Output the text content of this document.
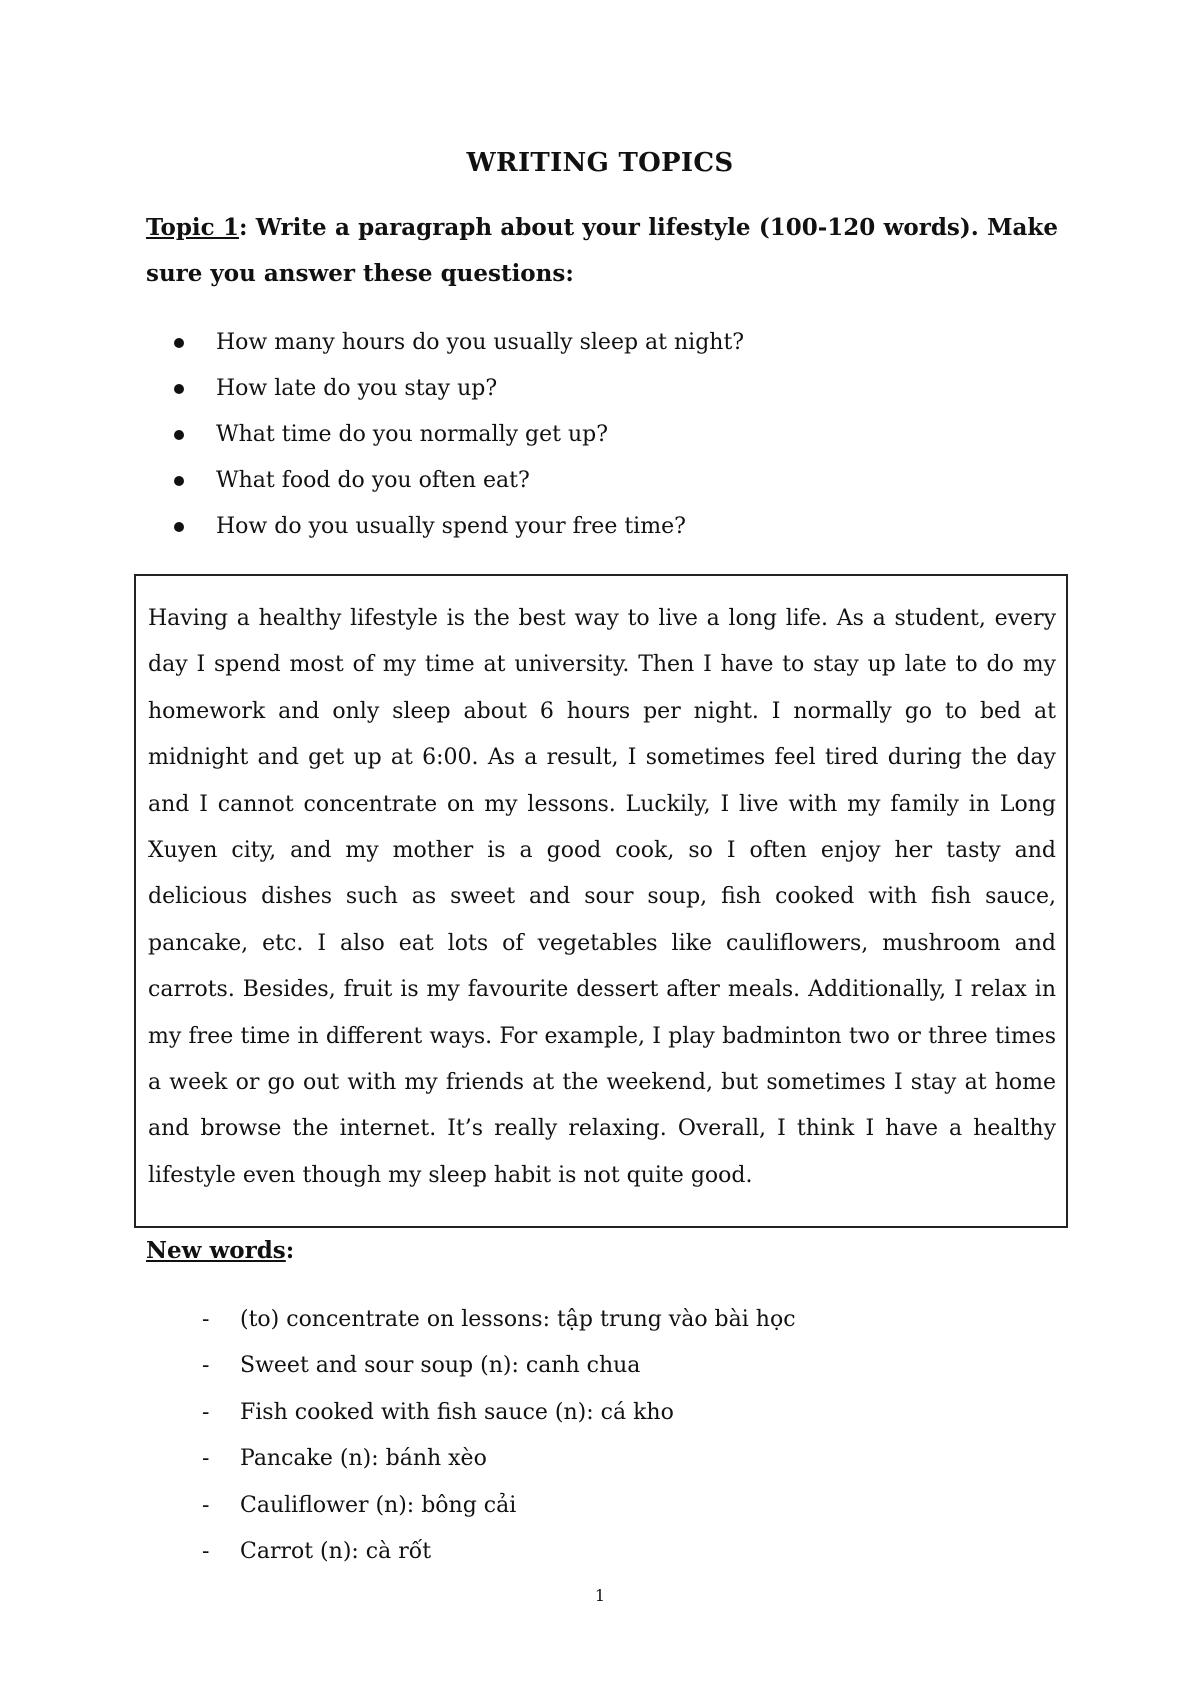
WRITING TOPICS
Topic 1: Write a paragraph about your lifestyle (100-120 words). Make sure you answer these questions:
How many hours do you usually sleep at night?
How late do you stay up?
What time do you normally get up?
What food do you often eat?
How do you usually spend your free time?

Having a healthy lifestyle is the best way to live a long life. As a student, every day I spend most of my time at university. Then I have to stay up late to do my homework and only sleep about 6 hours per night. I normally go to bed at midnight and get up at 6:00. As a result, I sometimes feel tired during the day and I cannot concentrate on my lessons. Luckily, I live with my family in Long Xuyen city, and my mother is a good cook, so I often enjoy her tasty and delicious dishes such as sweet and sour soup, fish cooked with fish sauce, pancake, etc. I also eat lots of vegetables like cauliflowers, mushroom and carrots. Besides, fruit is my favourite dessert after meals. Additionally, I relax in my free time in different ways. For example, I play badminton two or three times a week or go out with my friends at the weekend, but sometimes I stay at home and browse the internet. It’s really relaxing. Overall, I think I have a healthy lifestyle even though my sleep habit is not quite good.

New words:
-	(to) concentrate on lessons: tập trung vào bài học
-	Sweet and sour soup (n): canh chua
-	Fish cooked with fish sauce (n): cá kho
-	Pancake (n): bánh xèo
-	Cauliflower (n): bông cải
-	Carrot (n): cà rốt
1
